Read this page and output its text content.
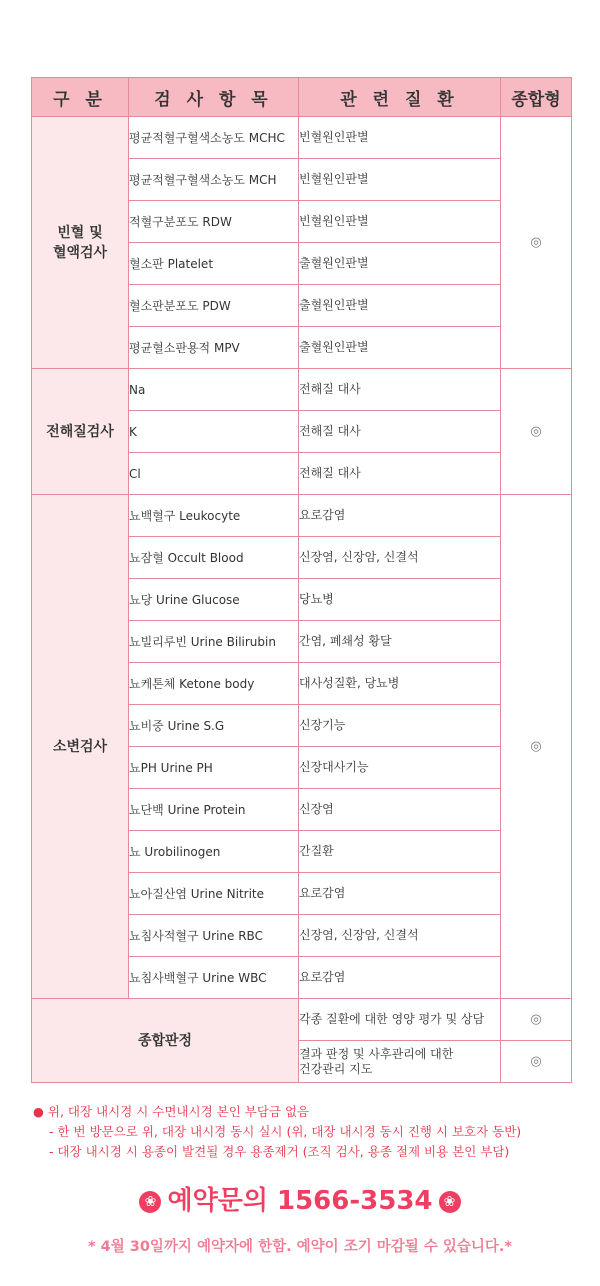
구 분	검 사 항 목	관 련 질 환	종합형
빈혈 및
혈액검사	평균적혈구혈색소농도 MCHC	빈혈원인판별	◎
	평균적혈구혈색소농도 MCH	빈혈원인판별	
	적혈구분포도 RDW	빈혈원인판별	
	혈소판 Platelet	출혈원인판별	
	혈소판분포도 PDW	출혈원인판별	
	평균혈소판용적 MPV	출혈원인판별	
전해질검사	Na	전해질 대사	◎
	K	전해질 대사	
	Cl	전해질 대사	
소변검사	뇨백혈구 Leukocyte	요로감염	◎
	뇨잠혈 Occult Blood	신장염, 신장암, 신결석	
	뇨당 Urine Glucose	당뇨병	
	뇨빌리루빈 Urine Bilirubin	간염, 폐쇄성 황달	
	뇨케톤체 Ketone body	대사성질환, 당뇨병	
	뇨비중 Urine S.G	신장기능	
	뇨PH Urine PH	신장대사기능	
	뇨단백 Urine Protein	신장염	
	뇨 Urobilinogen	간질환	
	뇨아질산염 Urine Nitrite	요로감염	
	뇨침사적혈구 Urine RBC	신장염, 신장암, 신결석	
	뇨침사백혈구 Urine WBC	요로감염	
종합판정		각종 질환에 대한 영양 평가 및 상담	◎
		결과 판정 및 사후관리에 대한
건강관리 지도	◎
● 위, 대장 내시경 시 수면내시경 본인 부담금 없음
- 한 번 방문으로 위, 대장 내시경 동시 실시 (위, 대장 내시경 동시 진행 시 보호자 동반)
- 대장 내시경 시 용종이 발견될 경우 용종제거 (조직 검사, 용종 절제 비용 본인 부담)
❀ 예약문의 1566-3534 ❀
* 4월 30일까지 예약자에 한함. 예약이 조기 마감될 수 있습니다.*
